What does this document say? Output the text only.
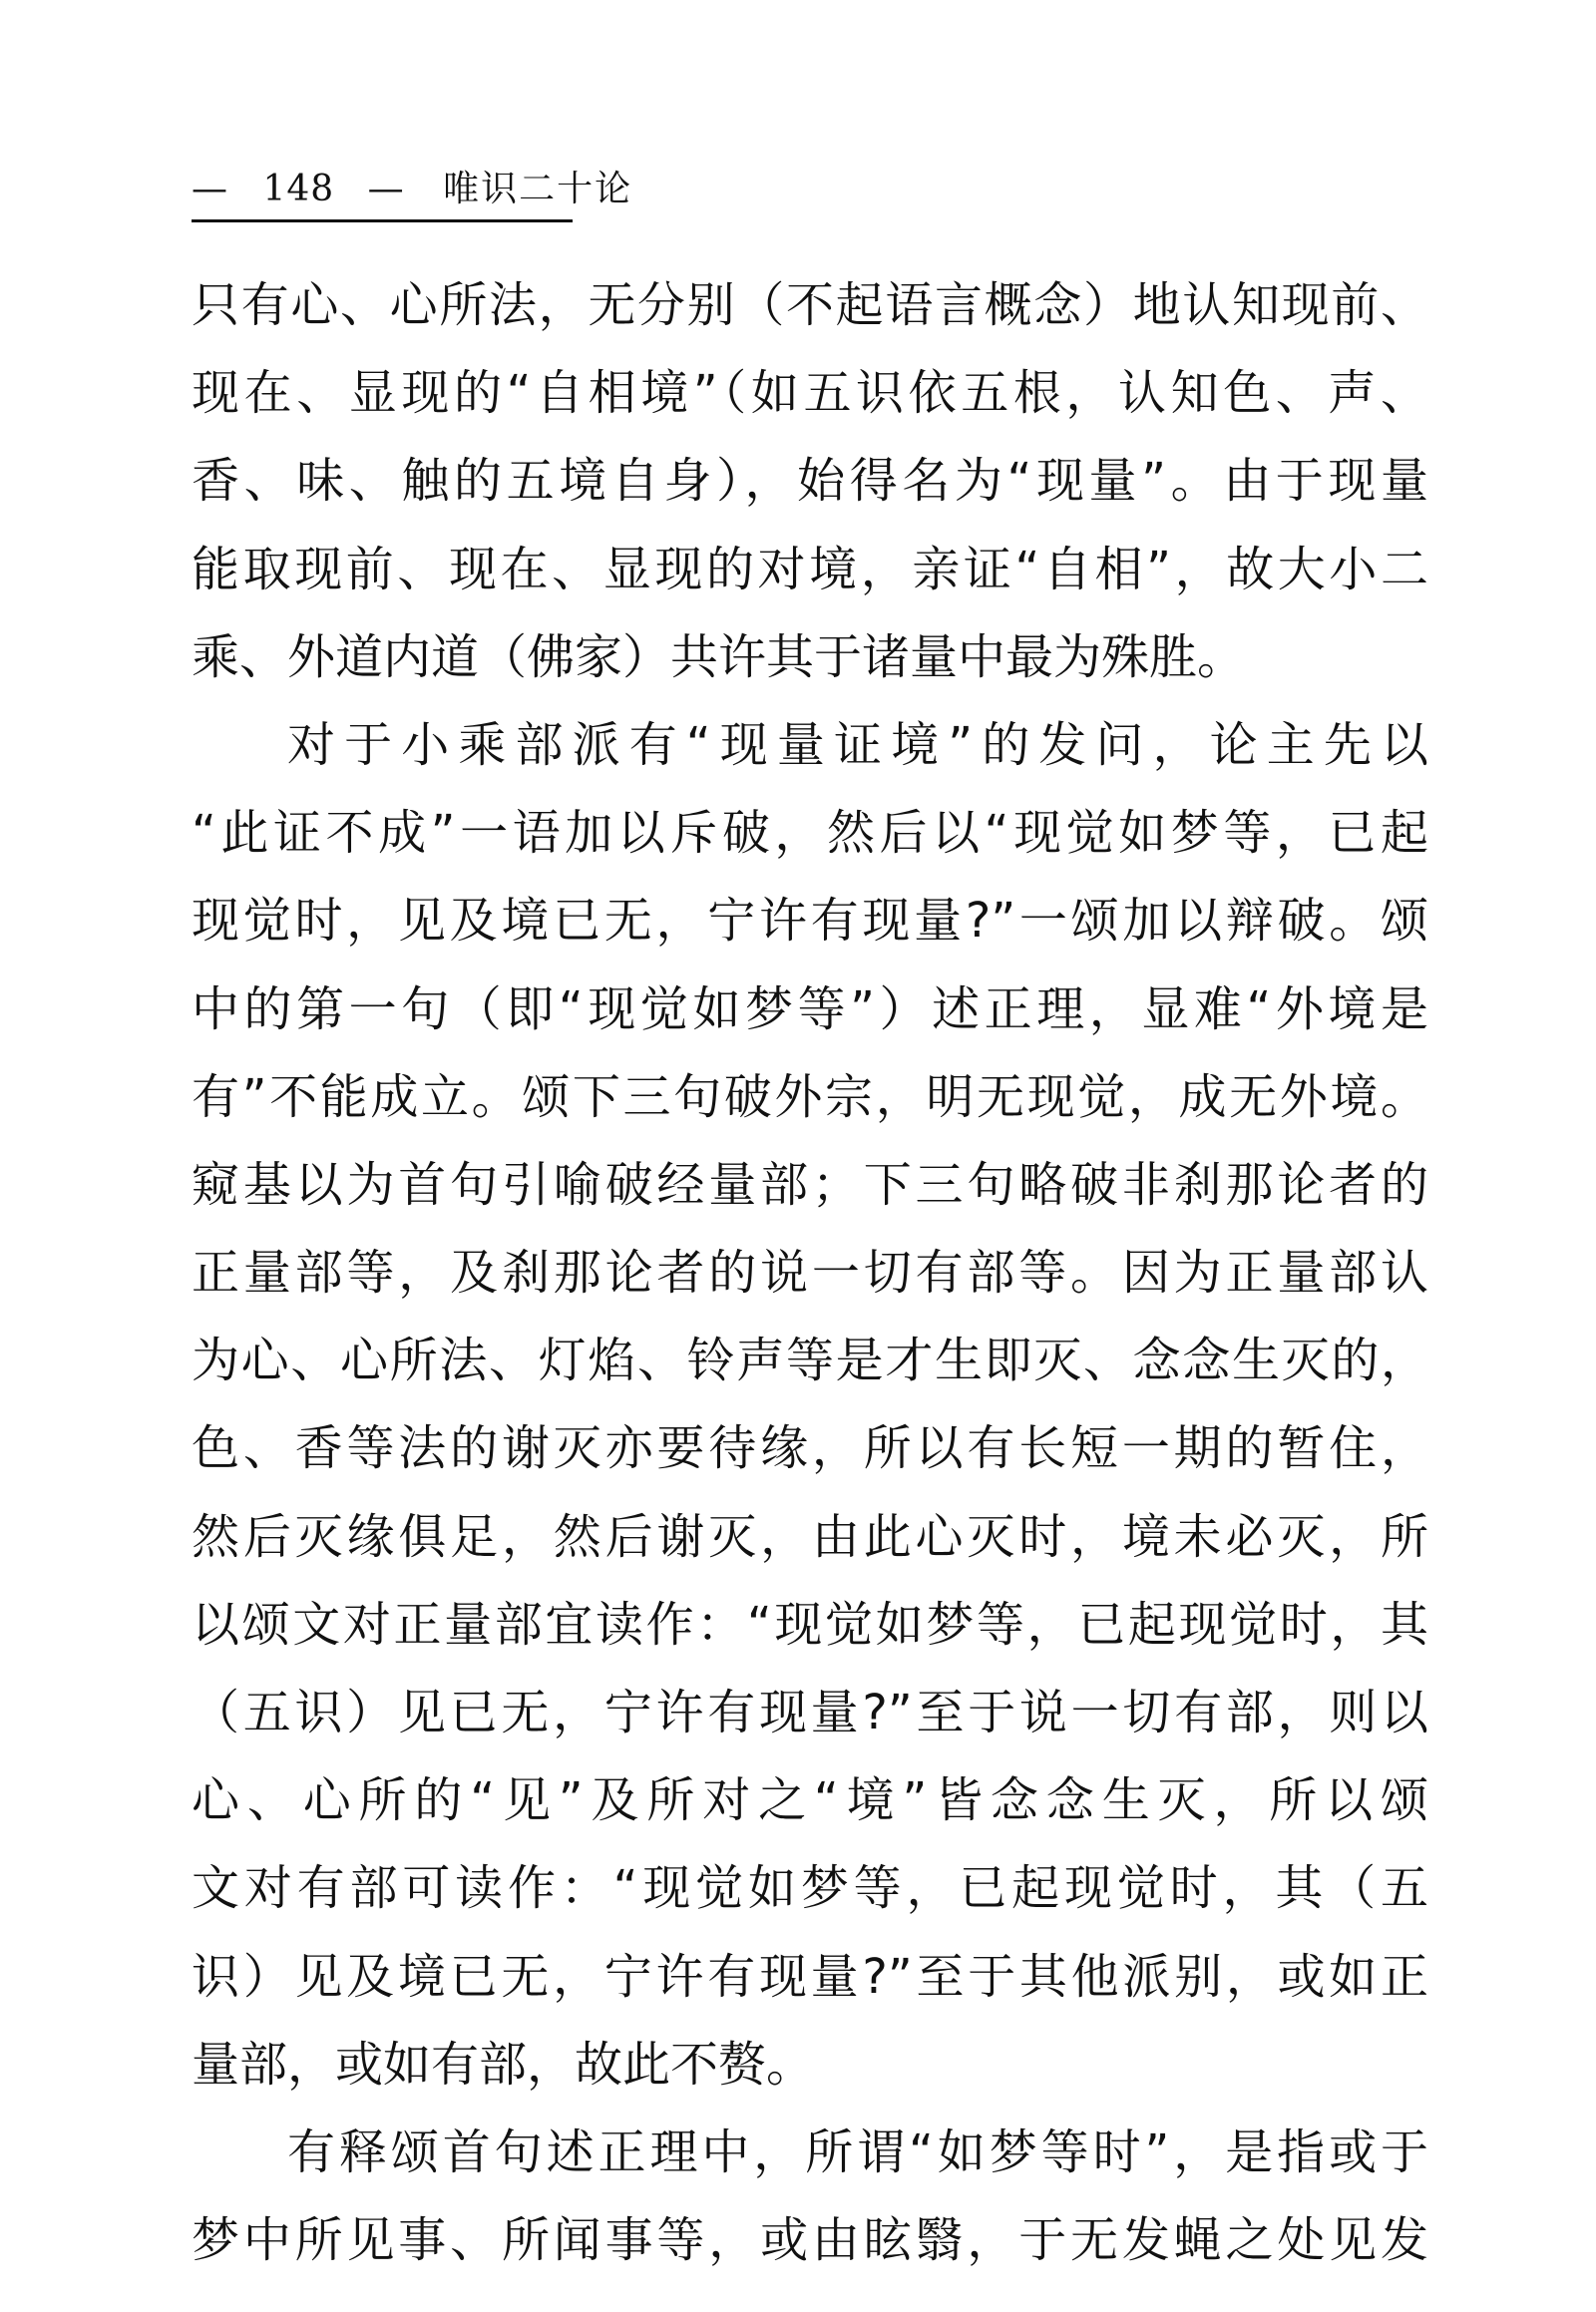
— 148 — 唯识二十论
只有心、心所法，无分别（不起语言概念）地认知现前、
现在、显现的“自相境”（如五识依五根，认知色、声、
香、味、触的五境自身），始得名为“现量”。由于现量
能取现前、现在、显现的对境，亲证“自相”，故大小二
乘、外道内道（佛家）共许其于诸量中最为殊胜。
对于小乘部派有“现量证境”的发问，论主先以
“此证不成”一语加以斥破，然后以“现觉如梦等，已起
现觉时，见及境已无，宁许有现量?”一颂加以辩破。颂
中的第一句（即“现觉如梦等”）述正理，显难“外境是
有”不能成立。颂下三句破外宗，明无现觉，成无外境。
窥基以为首句引喻破经量部；下三句略破非刹那论者的
正量部等，及刹那论者的说一切有部等。因为正量部认
为心、心所法、灯焰、铃声等是才生即灭、念念生灭的，
色、香等法的谢灭亦要待缘，所以有长短一期的暂住，
然后灭缘俱足，然后谢灭，由此心灭时，境未必灭，所
以颂文对正量部宜读作：“现觉如梦等，已起现觉时，其
（五识）见已无，宁许有现量?”至于说一切有部，则以
心、心所的“见”及所对之“境”皆念念生灭，所以颂
文对有部可读作：“现觉如梦等，已起现觉时，其（五
识）见及境已无，宁许有现量?”至于其他派别，或如正
量部，或如有部，故此不赘。
有释颂首句述正理中，所谓“如梦等时”，是指或于
梦中所见事、所闻事等，或由眩翳，于无发蝇之处见发
